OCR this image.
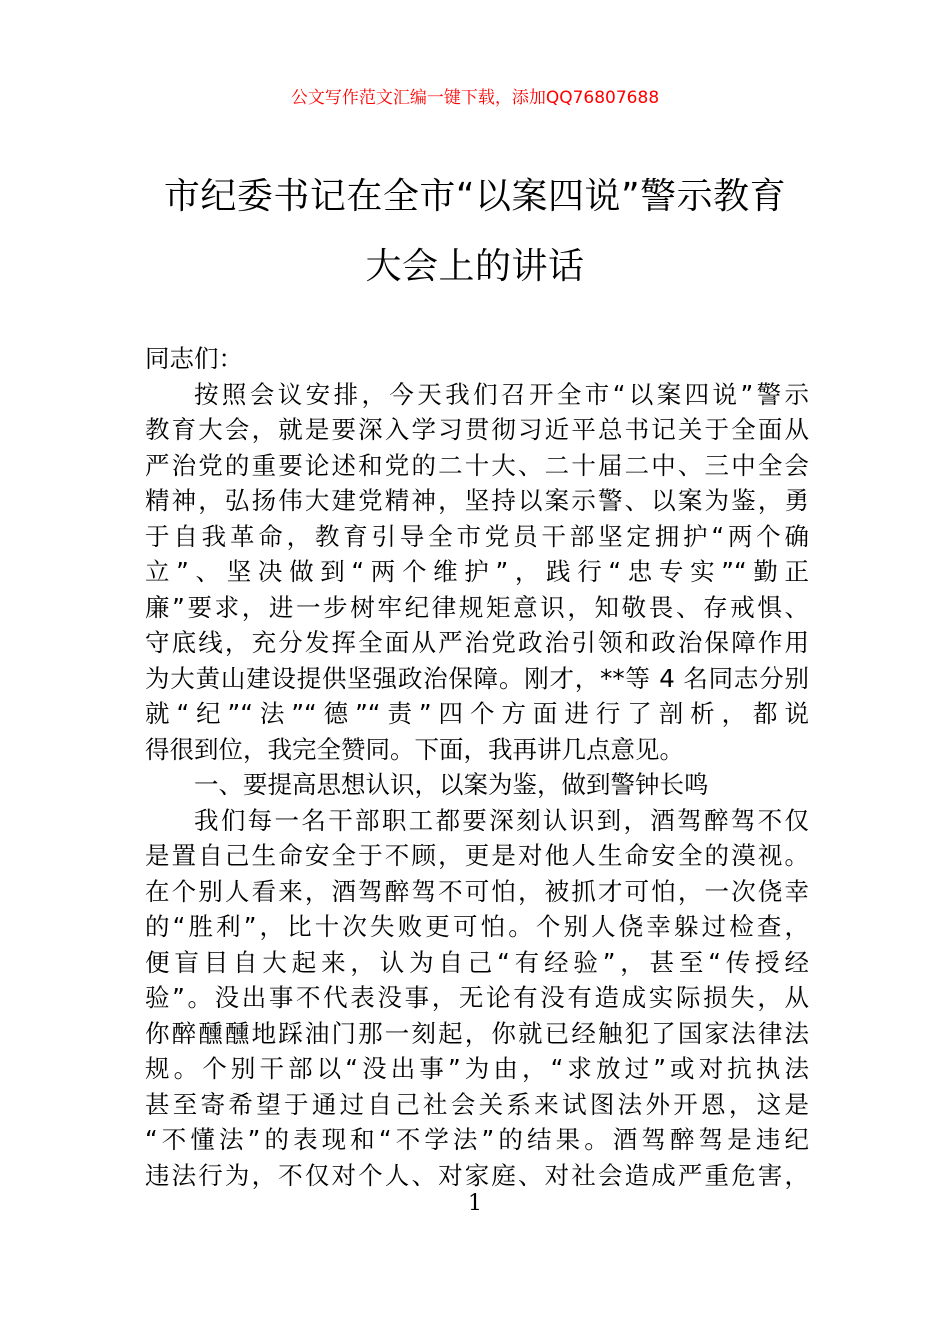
公文写作范文汇编一键下载，添加QQ76807688
市纪委书记在全市“以案四说”警示教育
大会上的讲话
同志们：
按照会议安排，今天我们召开全市“以案四说”警示
教育大会，就是要深入学习贯彻习近平总书记关于全面从
严治党的重要论述和党的二十大、二十届二中、三中全会
精神，弘扬伟大建党精神，坚持以案示警、以案为鉴，勇
于自我革命，教育引导全市党员干部坚定拥护“两个确
立”、坚决做到“两个维护”，践行“忠专实”“勤正
廉”要求，进一步树牢纪律规矩意识，知敬畏、存戒惧、
守底线，充分发挥全面从严治党政治引领和政治保障作用
为大黄山建设提供坚强政治保障。刚才，**等 4 名同志分别
就“纪”“法”“德”“责”四个方面进行了剖析，都说
得很到位，我完全赞同。下面，我再讲几点意见。
一、要提高思想认识，以案为鉴，做到警钟长鸣
我们每一名干部职工都要深刻认识到，酒驾醉驾不仅
是置自己生命安全于不顾，更是对他人生命安全的漠视。
在个别人看来，酒驾醉驾不可怕，被抓才可怕，一次侥幸
的“胜利”，比十次失败更可怕。个别人侥幸躲过检查，
便盲目自大起来，认为自己“有经验”，甚至“传授经
验”。没出事不代表没事，无论有没有造成实际损失，从
你醉醺醺地踩油门那一刻起，你就已经触犯了国家法律法
规。个别干部以“没出事”为由，“求放过”或对抗执法
甚至寄希望于通过自己社会关系来试图法外开恩，这是
“不懂法”的表现和“不学法”的结果。酒驾醉驾是违纪
违法行为，不仅对个人、对家庭、对社会造成严重危害，
1
